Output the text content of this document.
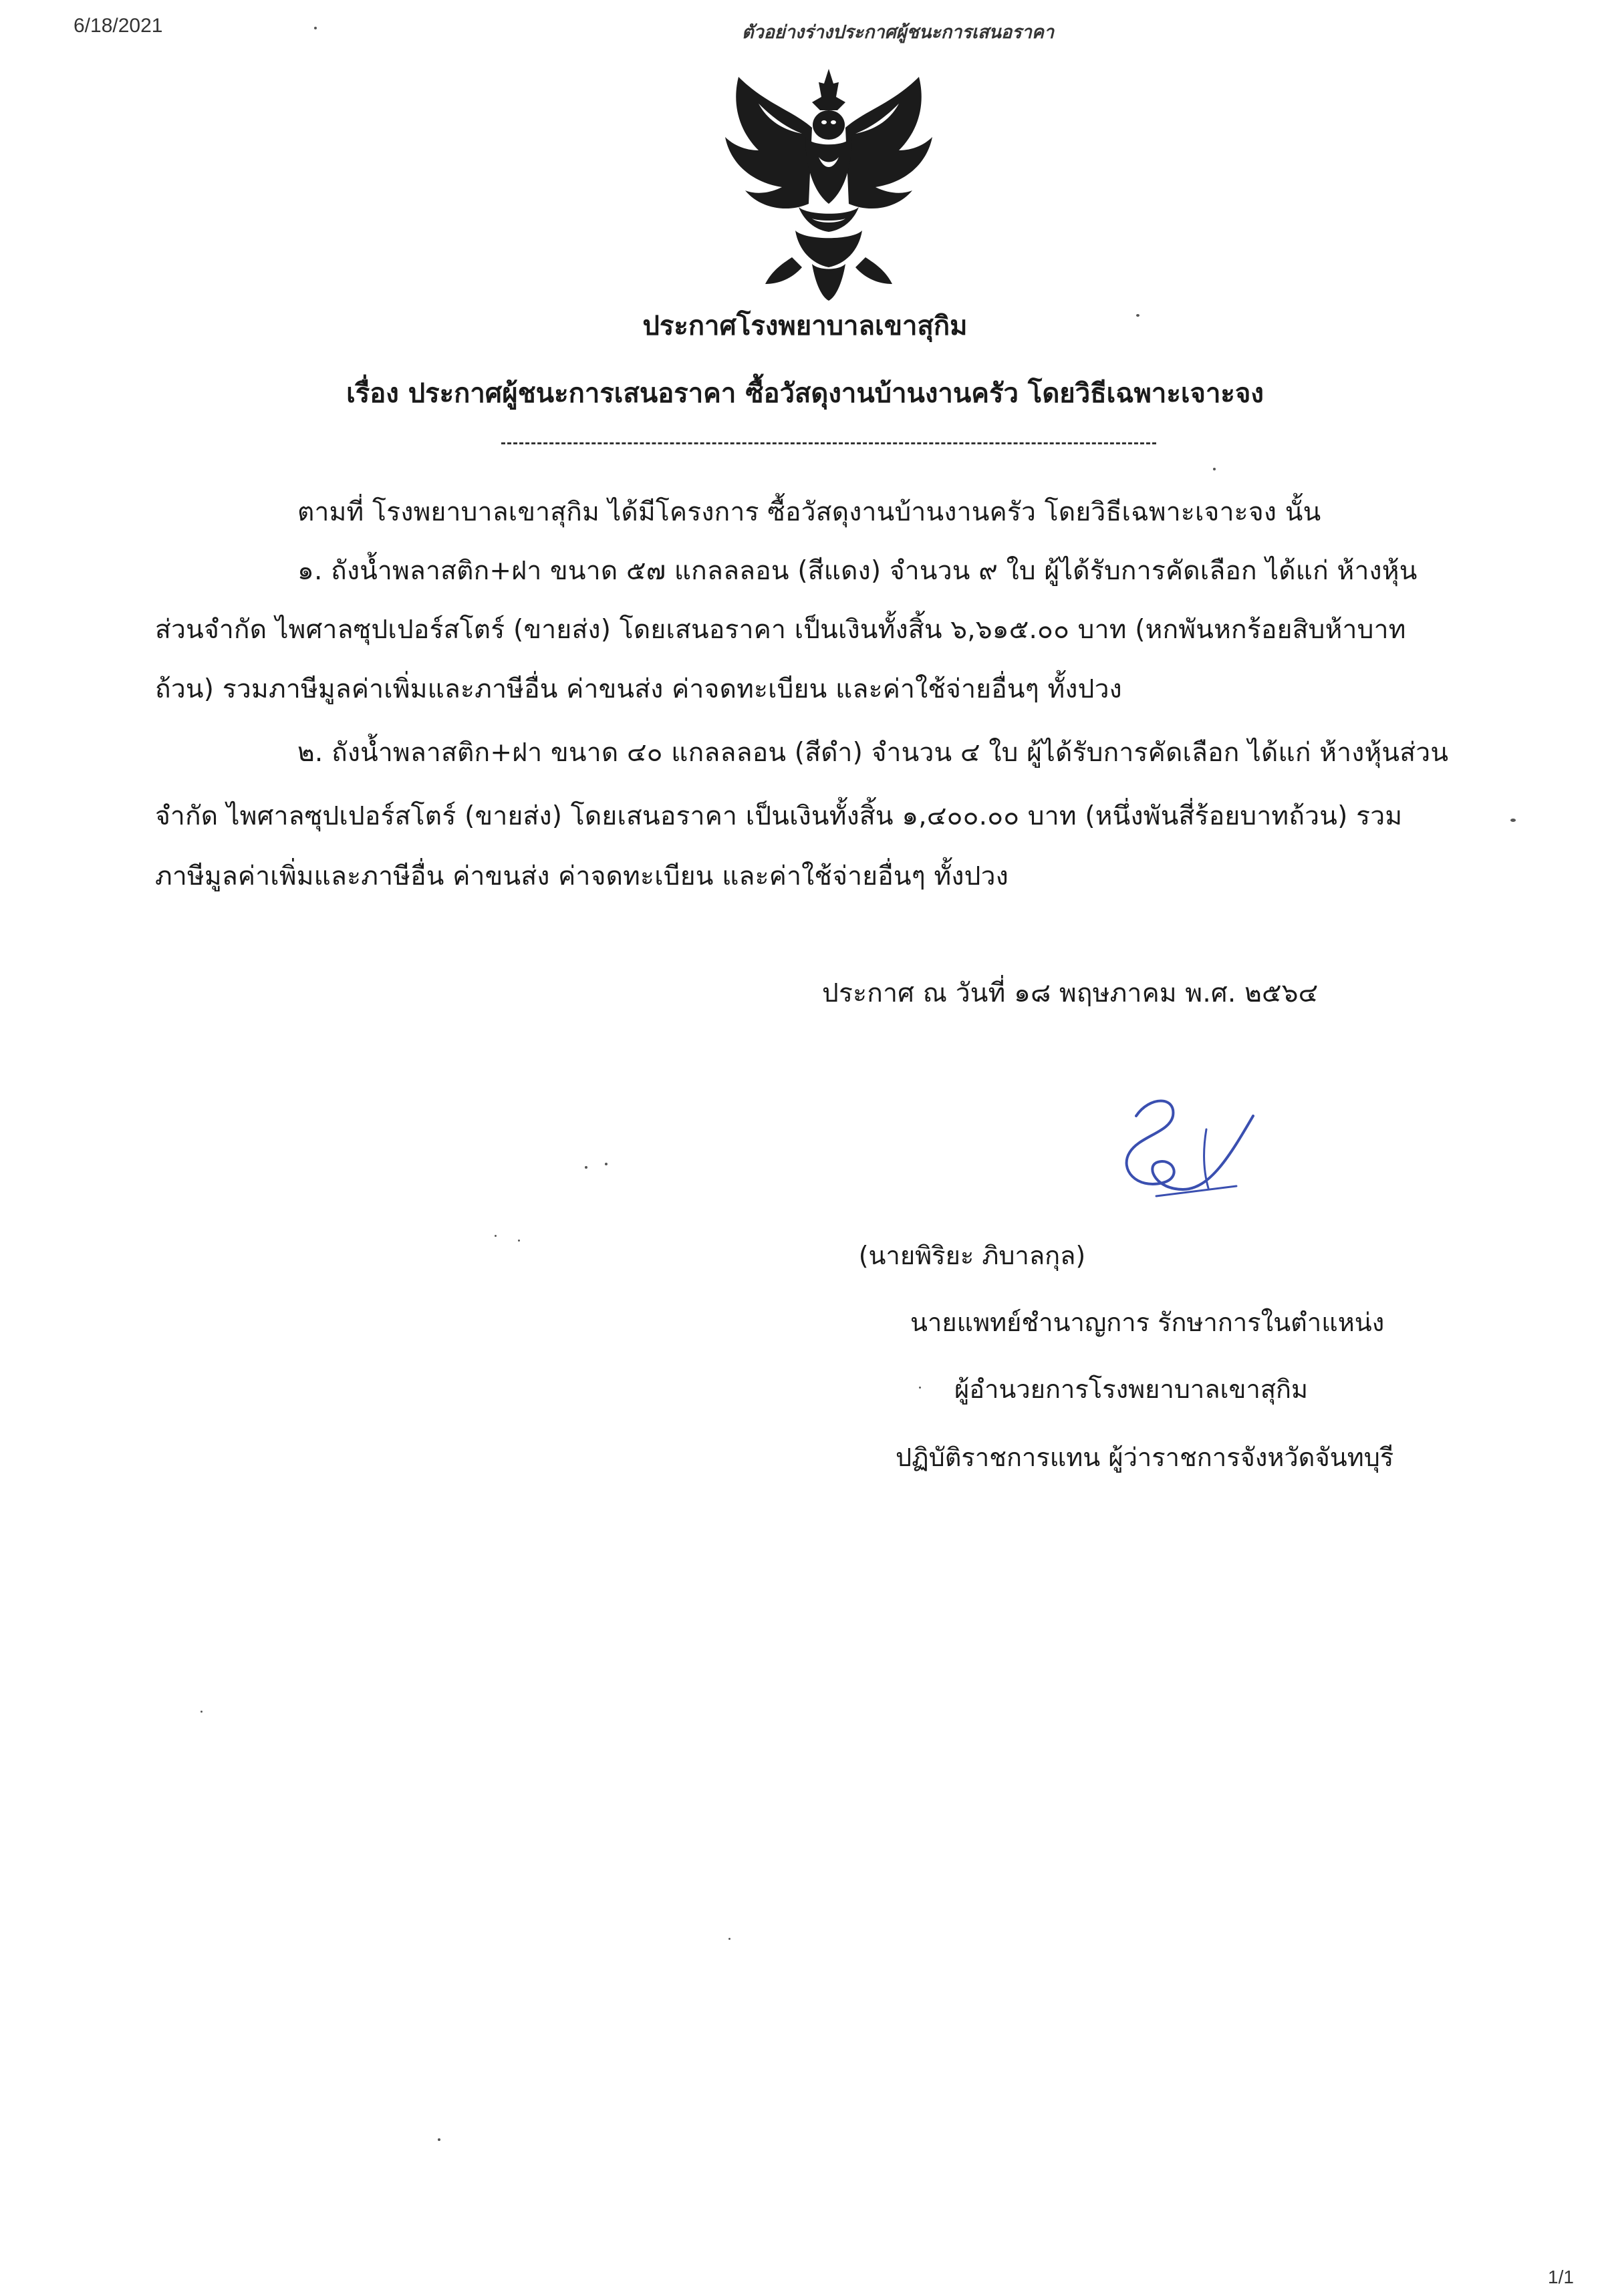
6/18/2021	ตัวอย่างร่างประกาศผู้ชนะการเสนอราคา
ประกาศโรงพยาบาลเขาสุกิม
เรื่อง ประกาศผู้ชนะการเสนอราคา ซื้อวัสดุงานบ้านงานครัว โดยวิธีเฉพาะเจาะจง
ตามที่ โรงพยาบาลเขาสุกิม ได้มีโครงการ ซื้อวัสดุงานบ้านงานครัว โดยวิธีเฉพาะเจาะจง นั้น
๑. ถังน้ำพลาสติก+ฝา ขนาด ๕๗ แกลลลอน (สีแดง) จำนวน ๙ ใบ ผู้ได้รับการคัดเลือก ได้แก่ ห้างหุ้น
ส่วนจำกัด ไพศาลซุปเปอร์สโตร์ (ขายส่ง) โดยเสนอราคา เป็นเงินทั้งสิ้น ๖,๖๑๕.๐๐ บาท (หกพันหกร้อยสิบห้าบาท
ถ้วน) รวมภาษีมูลค่าเพิ่มและภาษีอื่น ค่าขนส่ง ค่าจดทะเบียน และค่าใช้จ่ายอื่นๆ ทั้งปวง
๒. ถังน้ำพลาสติก+ฝา ขนาด ๔๐ แกลลลอน (สีดำ) จำนวน ๔ ใบ ผู้ได้รับการคัดเลือก ได้แก่ ห้างหุ้นส่วน
จำกัด ไพศาลซุปเปอร์สโตร์ (ขายส่ง) โดยเสนอราคา เป็นเงินทั้งสิ้น ๑,๔๐๐.๐๐ บาท (หนึ่งพันสี่ร้อยบาทถ้วน) รวม
ภาษีมูลค่าเพิ่มและภาษีอื่น ค่าขนส่ง ค่าจดทะเบียน และค่าใช้จ่ายอื่นๆ ทั้งปวง
ประกาศ ณ วันที่ ๑๘ พฤษภาคม พ.ศ. ๒๕๖๔
(นายพิริยะ ภิบาลกุล)
นายแพทย์ชำนาญการ รักษาการในตำแหน่ง
ผู้อำนวยการโรงพยาบาลเขาสุกิม
ปฏิบัติราชการแทน ผู้ว่าราชการจังหวัดจันทบุรี
1/1
